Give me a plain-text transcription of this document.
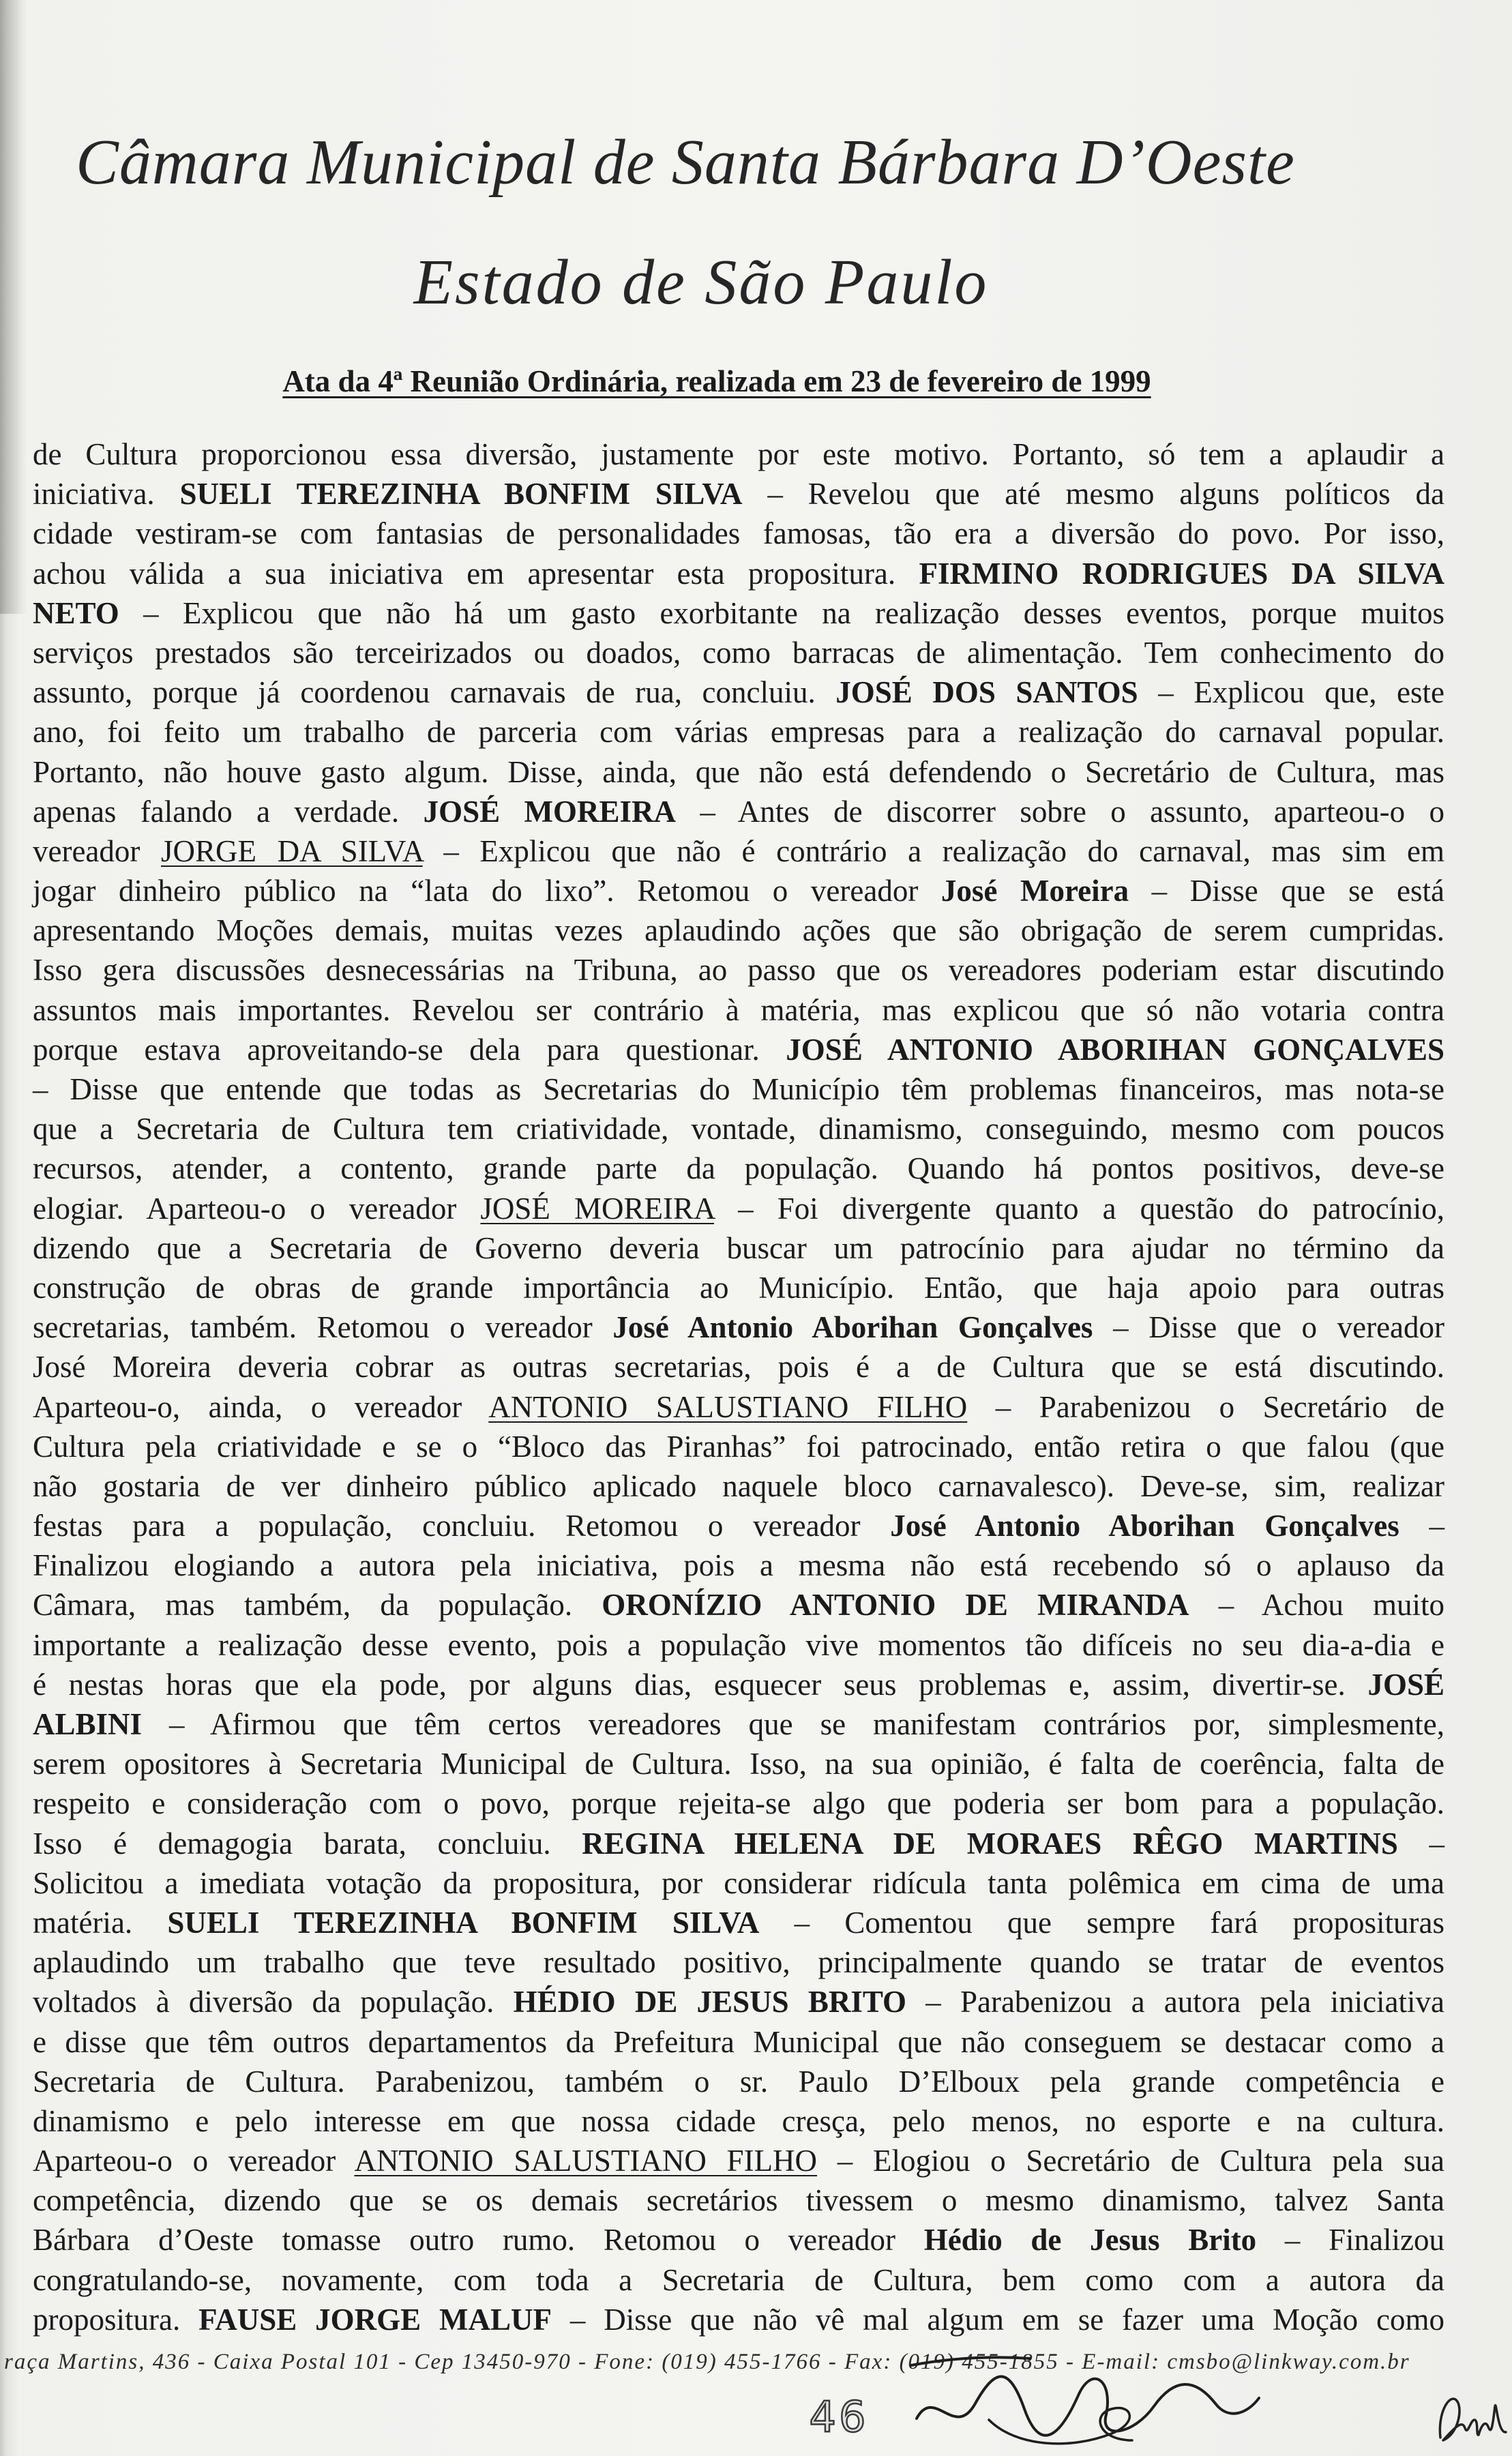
Câmara Municipal de Santa Bárbara D’Oeste
Estado de São Paulo
Ata da 4ª Reunião Ordinária, realizada em 23 de fevereiro de 1999
de Cultura proporcionou essa diversão, justamente por este motivo. Portanto, só tem a aplaudir a
iniciativa. SUELI TEREZINHA BONFIM SILVA – Revelou que até mesmo alguns políticos da
cidade vestiram-se com fantasias de personalidades famosas, tão era a diversão do povo. Por isso,
achou válida a sua iniciativa em apresentar esta propositura. FIRMINO RODRIGUES DA SILVA
NETO – Explicou que não há um gasto exorbitante na realização desses eventos, porque muitos
serviços prestados são terceirizados ou doados, como barracas de alimentação. Tem conhecimento do
assunto, porque já coordenou carnavais de rua, concluiu. JOSÉ DOS SANTOS – Explicou que, este
ano, foi feito um trabalho de parceria com várias empresas para a realização do carnaval popular.
Portanto, não houve gasto algum. Disse, ainda, que não está defendendo o Secretário de Cultura, mas
apenas falando a verdade. JOSÉ MOREIRA – Antes de discorrer sobre o assunto, aparteou-o o
vereador JORGE DA SILVA – Explicou que não é contrário a realização do carnaval, mas sim em
jogar dinheiro público na “lata do lixo”. Retomou o vereador José Moreira – Disse que se está
apresentando Moções demais, muitas vezes aplaudindo ações que são obrigação de serem cumpridas.
Isso gera discussões desnecessárias na Tribuna, ao passo que os vereadores poderiam estar discutindo
assuntos mais importantes. Revelou ser contrário à matéria, mas explicou que só não votaria contra
porque estava aproveitando-se dela para questionar. JOSÉ ANTONIO ABORIHAN GONÇALVES
– Disse que entende que todas as Secretarias do Município têm problemas financeiros, mas nota-se
que a Secretaria de Cultura tem criatividade, vontade, dinamismo, conseguindo, mesmo com poucos
recursos, atender, a contento, grande parte da população. Quando há pontos positivos, deve-se
elogiar. Aparteou-o o vereador JOSÉ MOREIRA – Foi divergente quanto a questão do patrocínio,
dizendo que a Secretaria de Governo deveria buscar um patrocínio para ajudar no término da
construção de obras de grande importância ao Município. Então, que haja apoio para outras
secretarias, também. Retomou o vereador José Antonio Aborihan Gonçalves – Disse que o vereador
José Moreira deveria cobrar as outras secretarias, pois é a de Cultura que se está discutindo.
Aparteou-o, ainda, o vereador ANTONIO SALUSTIANO FILHO – Parabenizou o Secretário de
Cultura pela criatividade e se o “Bloco das Piranhas” foi patrocinado, então retira o que falou (que
não gostaria de ver dinheiro público aplicado naquele bloco carnavalesco). Deve-se, sim, realizar
festas para a população, concluiu. Retomou o vereador José Antonio Aborihan Gonçalves –
Finalizou elogiando a autora pela iniciativa, pois a mesma não está recebendo só o aplauso da
Câmara, mas também, da população. ORONÍZIO ANTONIO DE MIRANDA – Achou muito
importante a realização desse evento, pois a população vive momentos tão difíceis no seu dia-a-dia e
é nestas horas que ela pode, por alguns dias, esquecer seus problemas e, assim, divertir-se. JOSÉ
ALBINI – Afirmou que têm certos vereadores que se manifestam contrários por, simplesmente,
serem opositores à Secretaria Municipal de Cultura. Isso, na sua opinião, é falta de coerência, falta de
respeito e consideração com o povo, porque rejeita-se algo que poderia ser bom para a população.
Isso é demagogia barata, concluiu. REGINA HELENA DE MORAES RÊGO MARTINS –
Solicitou a imediata votação da propositura, por considerar ridícula tanta polêmica em cima de uma
matéria. SUELI TEREZINHA BONFIM SILVA – Comentou que sempre fará proposituras
aplaudindo um trabalho que teve resultado positivo, principalmente quando se tratar de eventos
voltados à diversão da população. HÉDIO DE JESUS BRITO – Parabenizou a autora pela iniciativa
e disse que têm outros departamentos da Prefeitura Municipal que não conseguem se destacar como a
Secretaria de Cultura. Parabenizou, também o sr. Paulo D’Elboux pela grande competência e
dinamismo e pelo interesse em que nossa cidade cresça, pelo menos, no esporte e na cultura.
Aparteou-o o vereador ANTONIO SALUSTIANO FILHO – Elogiou o Secretário de Cultura pela sua
competência, dizendo que se os demais secretários tivessem o mesmo dinamismo, talvez Santa
Bárbara d’Oeste tomasse outro rumo. Retomou o vereador Hédio de Jesus Brito – Finalizou
congratulando-se, novamente, com toda a Secretaria de Cultura, bem como com a autora da
propositura. FAUSE JORGE MALUF – Disse que não vê mal algum em se fazer uma Moção como
raça Martins, 436 - Caixa Postal 101 - Cep 13450-970 - Fone: (019) 455-1766 - Fax: (019) 455-1855 - E-mail: cmsbo@linkway.com.br
46
